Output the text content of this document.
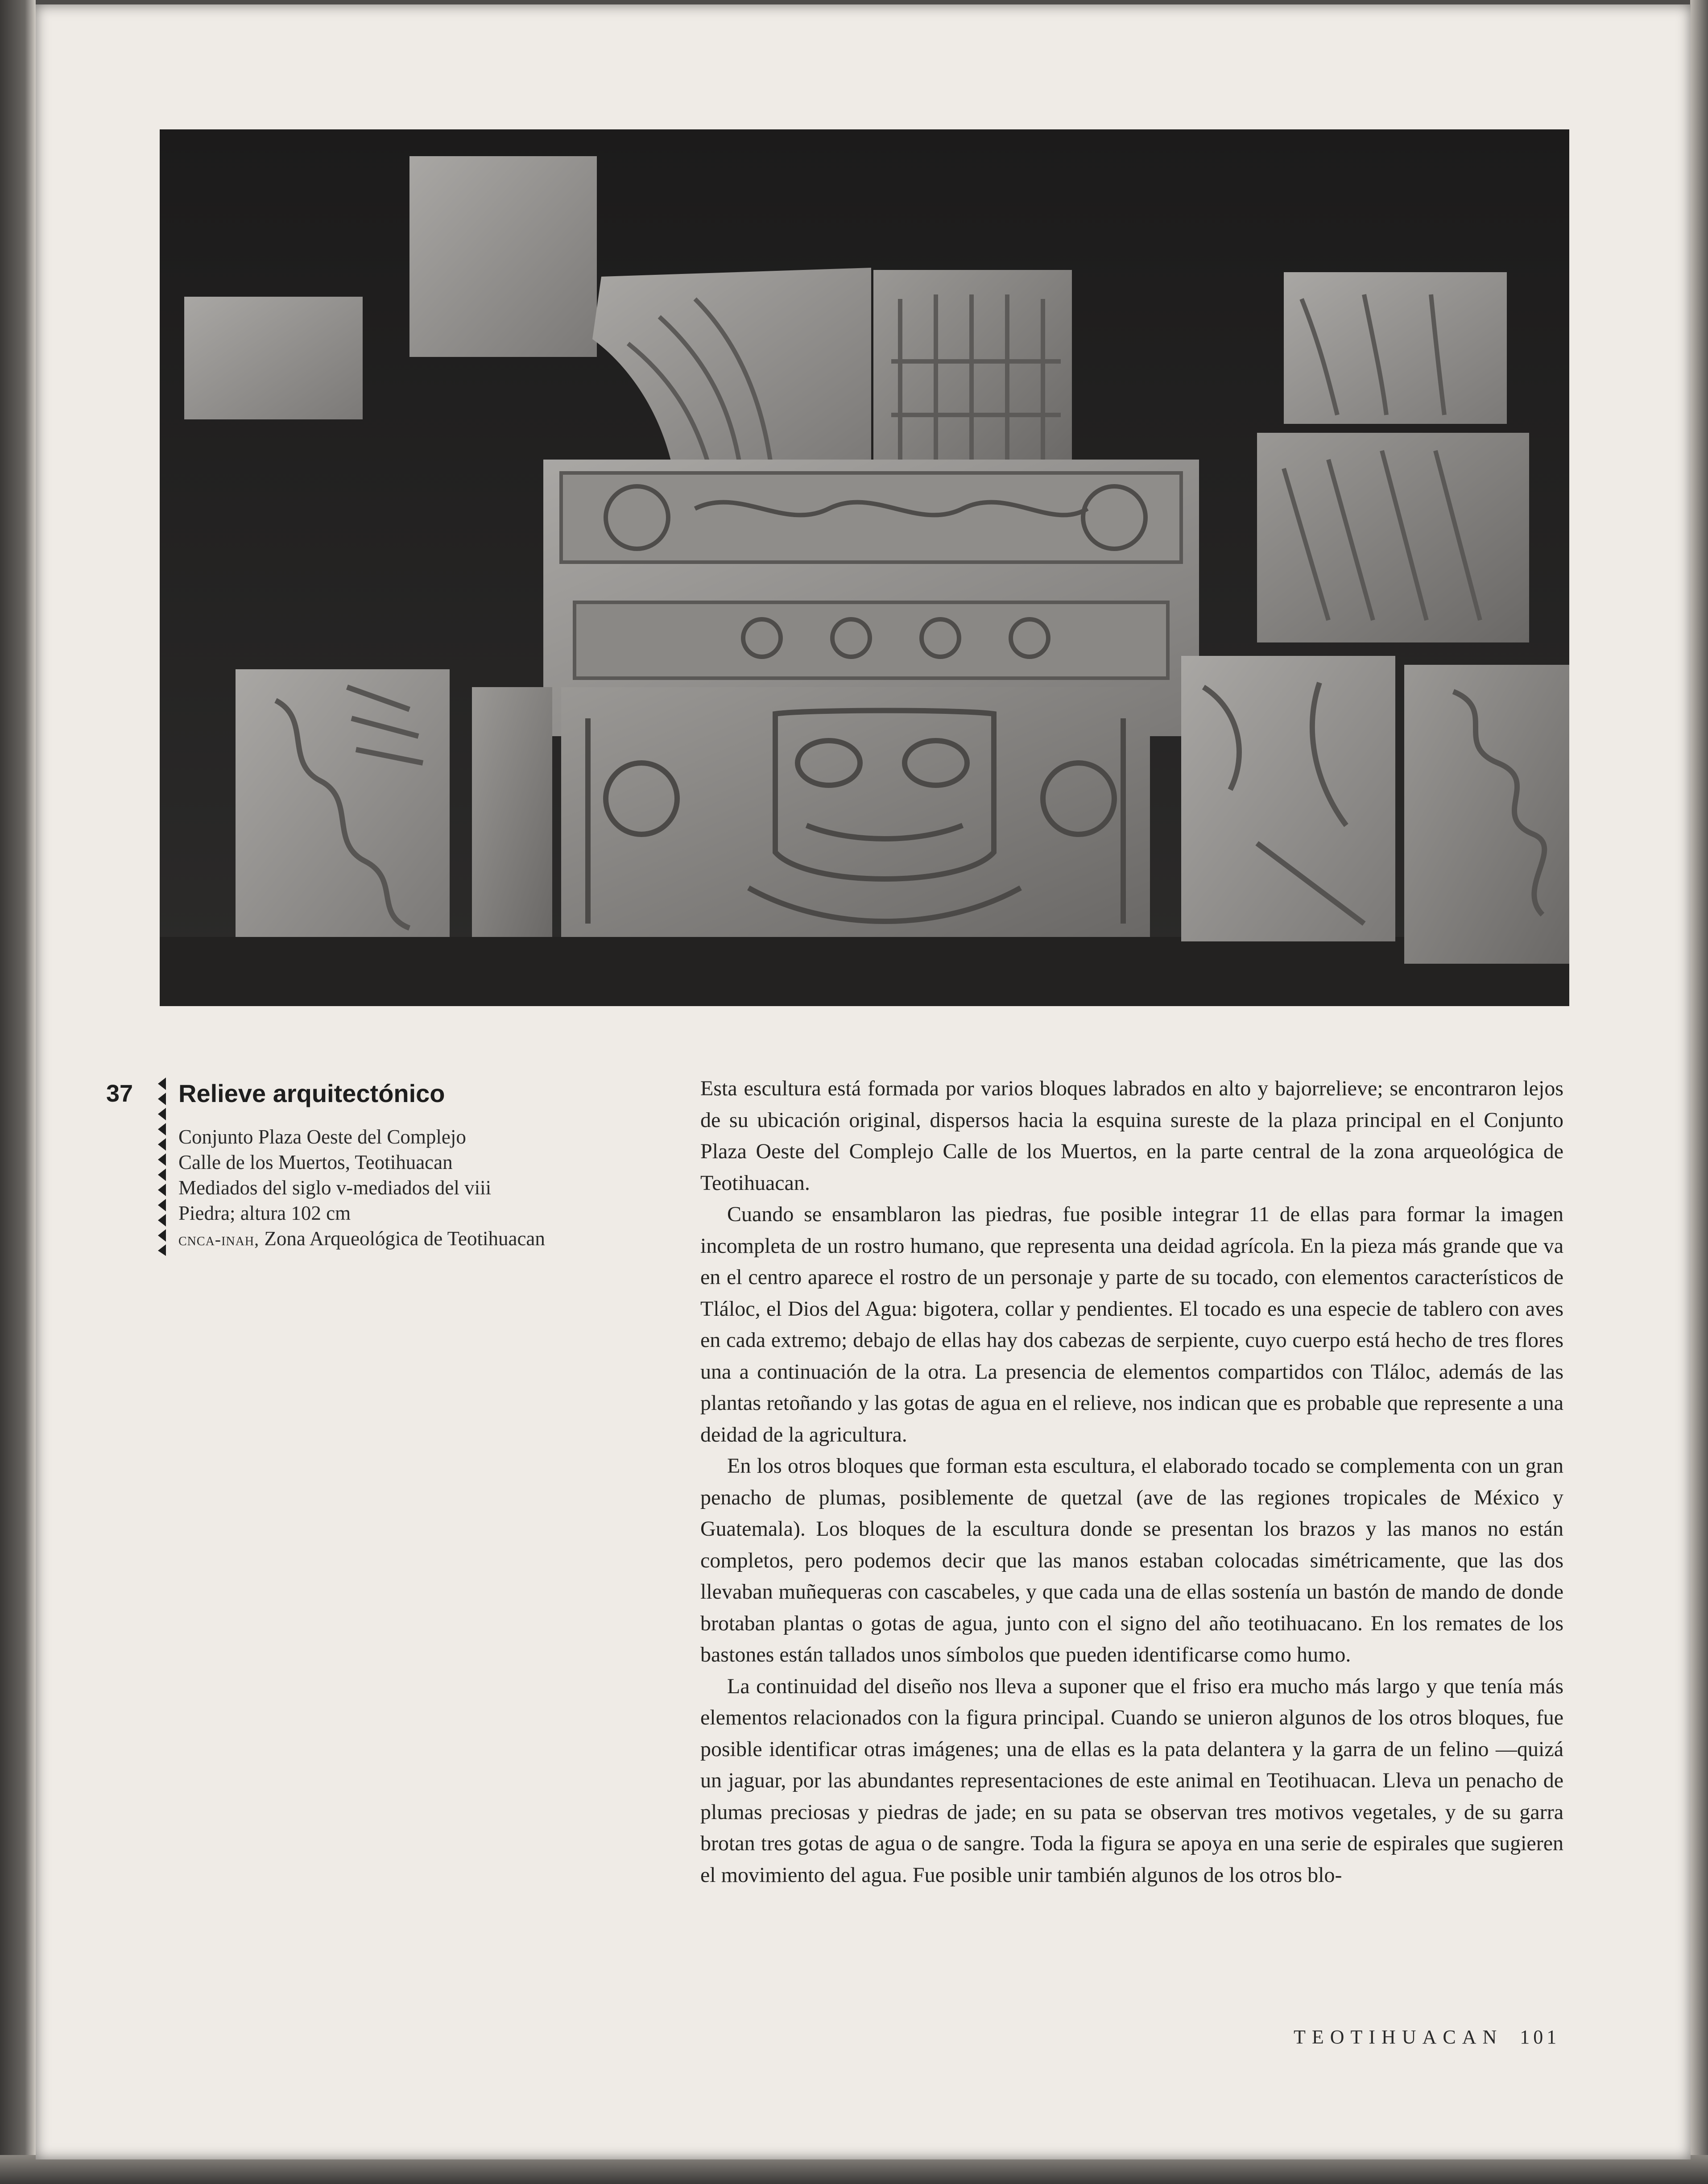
37 Relieve arquitectónico
Conjunto Plaza Oeste del Complejo
Calle de los Muertos, Teotihuacan
Mediados del siglo v-mediados del viii
Piedra; altura 102 cm
cnca-inah, Zona Arqueológica de Teotihuacan

Esta escultura está formada por varios bloques labrados en alto y bajorrelieve; se encontraron lejos de su ubicación original, dispersos hacia la esquina sureste de la plaza principal en el Conjunto Plaza Oeste del Complejo Calle de los Muertos, en la parte central de la zona arqueológica de Teotihuacan.

Cuando se ensamblaron las piedras, fue posible integrar 11 de ellas para formar la imagen incompleta de un rostro humano, que representa una deidad agrícola. En la pieza más grande que va en el centro aparece el rostro de un personaje y parte de su tocado, con elementos característicos de Tláloc, el Dios del Agua: bigotera, collar y pendientes. El tocado es una especie de tablero con aves en cada extremo; debajo de ellas hay dos cabezas de serpiente, cuyo cuerpo está hecho de tres flores una a continuación de la otra. La presencia de elementos compartidos con Tláloc, además de las plantas retoñando y las gotas de agua en el relieve, nos indican que es probable que represente a una deidad de la agricultura.

En los otros bloques que forman esta escultura, el elaborado tocado se complementa con un gran penacho de plumas, posiblemente de quetzal (ave de las regiones tropicales de México y Guatemala). Los bloques de la escultura donde se presentan los brazos y las manos no están completos, pero podemos decir que las manos estaban colocadas simétricamente, que las dos llevaban muñequeras con cascabeles, y que cada una de ellas sostenía un bastón de mando de donde brotaban plantas o gotas de agua, junto con el signo del año teotihuacano. En los remates de los bastones están tallados unos símbolos que pueden identificarse como humo.

La continuidad del diseño nos lleva a suponer que el friso era mucho más largo y que tenía más elementos relacionados con la figura principal. Cuando se unieron algunos de los otros bloques, fue posible identificar otras imágenes; una de ellas es la pata delantera y la garra de un felino —quizá un jaguar, por las abundantes representaciones de este animal en Teotihuacan. Lleva un penacho de plumas preciosas y piedras de jade; en su pata se observan tres motivos vegetales, y de su garra brotan tres gotas de agua o de sangre. Toda la figura se apoya en una serie de espirales que sugieren el movimiento del agua. Fue posible unir también algunos de los otros blo-

TEOTIHUACAN 101
